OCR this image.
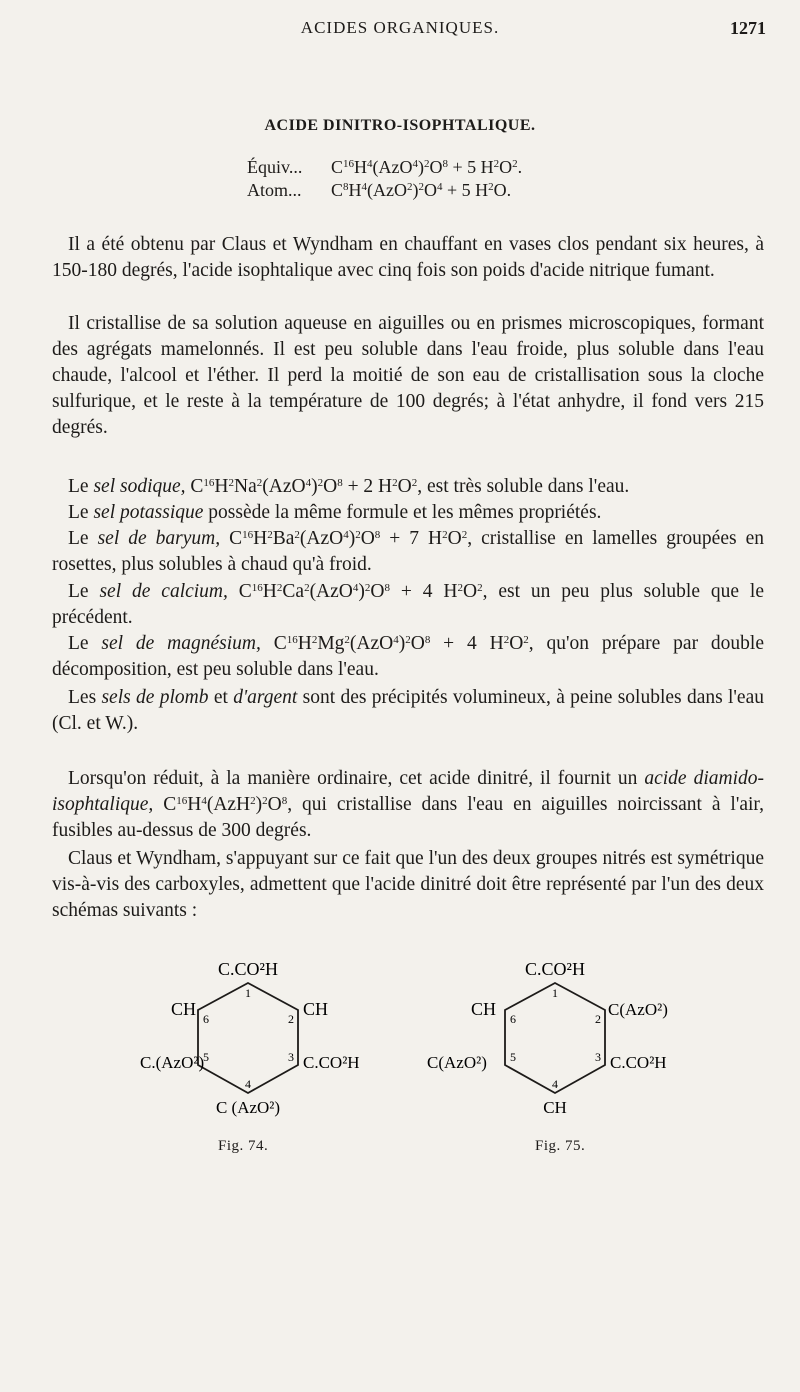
ACIDES ORGANIQUES.	1271
ACIDE DINITRO-ISOPHTALIQUE.
Équiv... $C^{16}H^4(AzO^4)^2O^8 + 5$ $H^2O^2$.
Atom... $C^8H^4(AzO^2)^2O^4 + 5$ $H^2O$.
Il a été obtenu par Claus et Wyndham en chauffant en vases clos pendant six heures, à 150-180 degrés, l'acide isophtalique avec cinq fois son poids d'acide nitrique fumant.
Il cristallise de sa solution aqueuse en aiguilles ou en prismes microscopiques, formant des agrégats mamelonnés. Il est peu soluble dans l'eau froide, plus soluble dans l'eau chaude, l'alcool et l'éther. Il perd la moitié de son eau de cristallisation sous la cloche sulfurique, et le reste à la température de 100 degrés; à l'état anhydre, il fond vers 215 degrés.
Le sel sodique, $C^{16}H^2Na^2(AzO^4)^2O^8 + 2$ $H^2O^2$, est très soluble dans l'eau.
Le sel potassique possède la même formule et les mêmes propriétés.
Le sel de baryum, $C^{16}H^2Ba^2(AzO^4)^2O^8 + 7$ $H^2O^2$, cristallise en lamelles groupées en rosettes, plus solubles à chaud qu'à froid.
Le sel de calcium, $C^{16}H^2Ca^2(AzO^4)^2O^8 + 4$ $H^2O^2$, est un peu plus soluble que le précédent.
Le sel de magnésium, $C^{16}H^2Mg^2(AzO^4)^2O^8 + 4$ $H^2O^2$, qu'on prépare par double décomposition, est peu soluble dans l'eau.
Les sels de plomb et d'argent sont des précipités volumineux, à peine solubles dans l'eau (Cl. et W.).
Lorsqu'on réduit, à la manière ordinaire, cet acide dinitré, il fournit un acide diamido-isophtalique, $C^{16}H^4(AzH^2)^2O^8$, qui cristallise dans l'eau en aiguilles noircissant à l'air, fusibles au-dessus de 300 degrés.
Claus et Wyndham, s'appuyant sur ce fait que l'un des deux groupes nitrés est symétrique vis-à-vis des carboxyles, admettent que l'acide dinitré doit être représenté par l'un des deux schémas suivants :
C.CO²H
CH	CH
C.(AzO²)	C.CO²H
C (AzO²)
1
2
3
4
5
6
Fig. 74.
C.CO²H
CH	C(AzO²)
C(AzO²)	C.CO²H
CH
1
2
3
4
5
6
Fig. 75.
